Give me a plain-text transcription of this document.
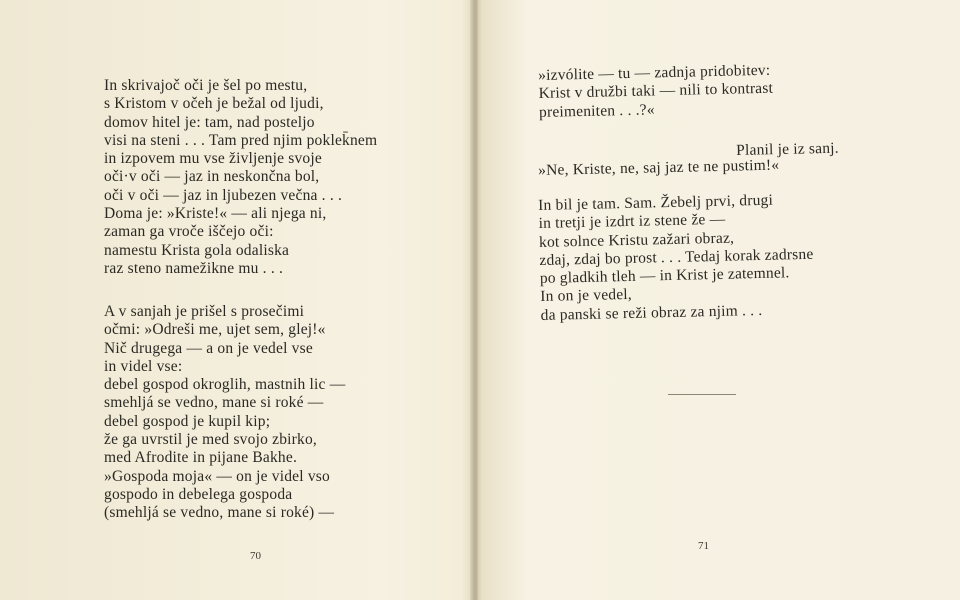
In skrivajoč oči je šel po mestu,
s Kristom v očeh je bežal od ljudi,
domov hitel je: tam, nad posteljo
visi na steni . . . Tam pred njim poklek̄nem
in izpovem mu vse življenje svoje
oči·v oči — jaz in neskončna bol,
oči v oči — jaz in ljubezen večna . . .
Doma je: »Kriste!« — ali njega ni,
zaman ga vroče iščejo oči:
namestu Krista gola odaliska
raz steno namežikne mu . . .
A v sanjah je prišel s prosečimi
očmi: »Odreši me, ujet sem, glej!«
Nič drugega — a on je vedel vse
in videl vse:
debel gospod okroglih, mastnih lic —
smehljá se vedno, mane si roké —
debel gospod je kupil kip;
že ga uvrstil je med svojo zbirko,
med Afrodite in pijane Bakhe.
»Gospoda moja« — on je videl vso
gospodo in debelega gospoda
(smehljá se vedno, mane si roké) —
70
»izvólite — tu — zadnja pridobitev:
Krist v družbi taki — nili to kontrast
preimeniten . . .?«
Planil je iz sanj.
»Ne, Kriste, ne, saj jaz te ne pustim!«
In bil je tam. Sam. Žebelj prvi, drugi
in tretji je izdrt iz stene že —
kot solnce Kristu zažari obraz,
zdaj, zdaj bo prost . . . Tedaj korak zadrsne
po gladkih tleh — in Krist je zatemnel.
In on je vedel,
da panski se reži obraz za njim . . .
71
